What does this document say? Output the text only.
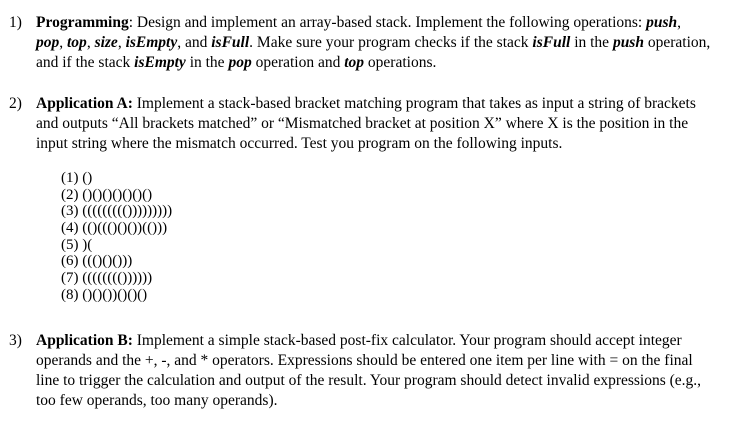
1) Programming: Design and implement an array-based stack. Implement the following operations: push,
pop, top, size, isEmpty, and isFull. Make sure your program checks if the stack isFull in the push operation,
and if the stack isEmpty in the pop operation and top operations.
2) Application A: Implement a stack-based bracket matching program that takes as input a string of brackets
and outputs “All brackets matched” or “Mismatched bracket at position X” where X is the position in the
input string where the mismatch occurred. Test you program on the following inputs.
(1) ()
(2) ()()()()()()()
(3) ((((((((()))))))))
(4) (()((()()())(()))
(5) )(
(6) ((()()()))
(7) (((((((())))))
(8) ()()())()()()
3) Application B: Implement a simple stack-based post-fix calculator. Your program should accept integer
operands and the +, -, and * operators. Expressions should be entered one item per line with = on the final
line to trigger the calculation and output of the result. Your program should detect invalid expressions (e.g.,
too few operands, too many operands).
